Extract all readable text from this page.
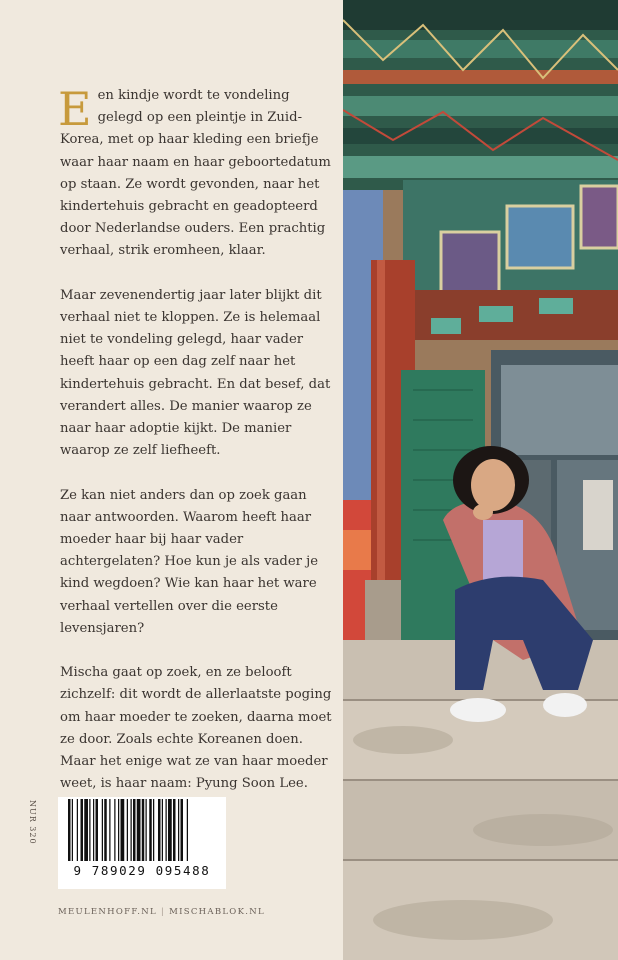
Een kindje wordt te vondeling gelegd op een pleintje in Zuid-Korea, met op haar kleding een briefje waar haar naam en haar geboortedatum op staan. Ze wordt gevonden, naar het kindertehuis gebracht en geadopteerd door Nederlandse ouders. Een prachtig verhaal, strik eromheen, klaar.

Maar zevenendertig jaar later blijkt dit verhaal niet te kloppen. Ze is helemaal niet te vondeling gelegd, haar vader heeft haar op een dag zelf naar het kindertehuis gebracht. En dat besef, dat verandert alles. De manier waarop ze naar haar adoptie kijkt. De manier waarop ze zelf liefheeft.

Ze kan niet anders dan op zoek gaan naar antwoorden. Waarom heeft haar moeder haar bij haar vader achtergelaten? Hoe kun je als vader je kind wegdoen? Wie kan haar het ware verhaal vertellen over die eerste levensjaren?

Mischa gaat op zoek, en ze belooft zichzelf: dit wordt de allerlaatste poging om haar moeder te zoeken, daarna moet ze door. Zoals echte Koreanen doen. Maar het enige wat ze van haar moeder weet, is haar naam: Pyung Soon Lee.

NUR 320
9 789029 095488
MEULENHOFF.NL | MISCHABLOK.NL
